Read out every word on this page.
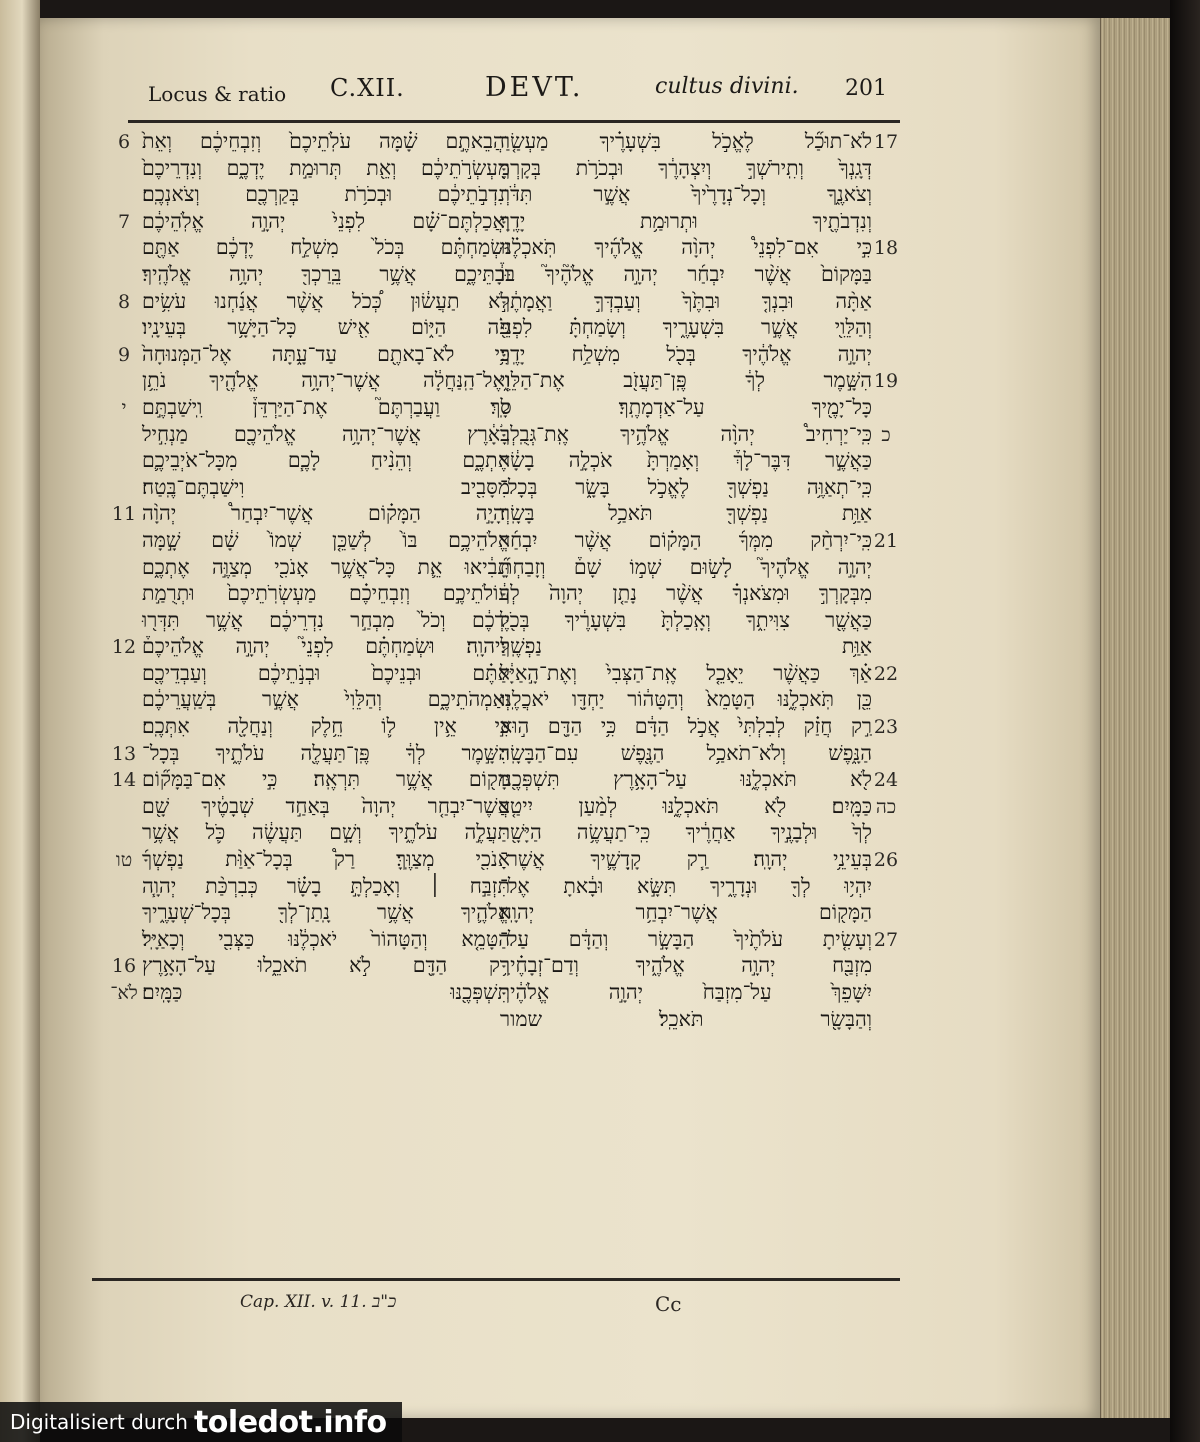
Locus & ratio C.XII.	DEVT.	cultus divini. 201
6 וַהֲבֵאתֶ֣ם שָׁ֗מָּה עֹלֹֽתֵיכֶם֙ וְזִבְחֵיכֶ֔ם וְאֵת֙
מַעְשְׂרֹ֣תֵיכֶ֔ם וְאֵ֖ת תְּרוּמַ֣ת יֶדְכֶ֑ם וְנִדְרֵיכֶם֙
וְנִדְבֹ֣תֵיכֶ֔ם וּבְכֹרֹ֥ת בְּקַרְכֶ֖ם וְצֹאנְכֶֽם׃
7 וַאֲכַלְתֶּם־שָׁ֗ם לִפְנֵי֙ יְהוָ֣ה אֱלֹֽהֵיכֶ֔ם
וּשְׂמַחְתֶּ֗ם בְּכֹל֙ מִשְׁלַ֣ח יֶדְכֶ֔ם אַתֶּ֖ם
וּבָתֵּיכֶ֑ם אֲשֶׁ֥ר בֵּֽרַכְךָ֖ יְהוָ֥ה אֱלֹהֶֽיךָ׃
8 לֹ֣א תַעֲשׂ֔וּן כְּ֠כֹל אֲשֶׁ֨ר אֲנַ֜חְנוּ עֹשִׂ֥ים
פֹּ֖ה הַיּ֑וֹם אִ֖ישׁ כָּל־הַיָּשָׁ֥ר בְּעֵינָֽיו׃
9 כִּ֥י לֹא־בָאתֶ֖ם עַד־עָ֑תָּה אֶל־הַמְּנוּחָה֙
וְאֶל־הַֽנַּחֲלָ֔ה אֲשֶׁר־יְהוָ֥ה אֱלֹהֶ֖יךָ נֹתֵ֥ן
י לָֽךְ׃ וַעֲבַרְתֶּם֮ אֶת־הַיַּרְדֵּן֒ וִֽישַׁבְתֶּ֣ם
בָּאָ֔רֶץ אֲשֶׁר־יְהוָ֥ה אֱלֹהֵיכֶ֖ם מַנְחִ֣יל
אֶתְכֶ֑ם וְהֵנִ֨יחַ לָכֶ֧ם מִכָּל־אֹיְבֵיכֶ֛ם
מִסָּבִ֖יב וִישַׁבְתֶּם־בֶּֽטַח׃
11 וְהָיָ֣ה הַמָּק֗וֹם אֲשֶׁר־יִבְחַר֩ יְהוָ֨ה
אֱלֹהֵיכֶ֥ם בּוֹ֙ לְשַׁכֵּ֤ן שְׁמוֹ֙ שָׁ֔ם שָׁ֣מָּה
תָבִ֔יאוּ אֵ֛ת כָּל־אֲשֶׁ֥ר אָנֹכִ֖י מְצַוֶּ֣ה אֶתְכֶ֑ם
עוֹלֹתֵיכֶ֣ם וְזִבְחֵיכֶ֗ם מַעְשְׂרֹֽתֵיכֶם֙ וּתְרֻמַ֣ת
יֶדְכֶ֔ם וְכֹל֙ מִבְחַ֣ר נִדְרֵיכֶ֔ם אֲשֶׁ֥ר תִּדְּר֖וּ
12 לַיהוָֽה׃ וּשְׂמַחְתֶּ֗ם לִפְנֵי֮ יְהוָ֣ה אֱלֹהֵיכֶם֒
אַתֶּ֗ם וּבְנֵיכֶם֙ וּבְנֹ֣תֵיכֶ֔ם וְעַבְדֵיכֶ֖ם
וְאַמְהֹתֵיכֶ֑ם וְהַלֵּוִי֙ אֲשֶׁ֣ר בְּשַֽׁעֲרֵיכֶ֔ם
כִּ֣י אֵ֥ין ל֛וֹ חֵ֥לֶק וְנַחֲלָ֖ה אִתְּכֶֽם׃
13 הִשָּׁ֣מֶר לְךָ֔ פֶּֽן־תַּעֲלֶ֖ה עֹלֹתֶ֑יךָ בְּכָל־
14 מָק֖וֹם אֲשֶׁ֥ר תִּרְאֶֽה׃ כִּ֣י אִם־בַּמָּק֞וֹם
אֲשֶׁר־יִבְחַ֤ר יְהוָה֙ בְּאַחַ֣ד שְׁבָטֶ֔יךָ שָׁ֖ם
תַּעֲלֶ֣ה עֹלֹתֶ֑יךָ וְשָׁ֣ם תַּעֲשֶׂ֔ה כֹּ֛ל אֲשֶׁ֥ר
טו אָנֹכִ֖י מְצַוֶּֽךָּ׃ רַק֩ בְּכָל־אַוַּ֨ת נַפְשְׁךָ֜
תִּזְבַּ֣ח ׀ וְאָכַלְתָּ֣ בָשָׂ֗ר כְּבִרְכַּ֨ת יְהוָ֧ה
אֱלֹהֶ֛יךָ אֲשֶׁ֥ר נָֽתַן־לְךָ֖ בְּכָל־שְׁעָרֶ֑יךָ
הַטָּמֵ֤א וְהַטָּהוֹר֙ יֹאכְלֶ֔נּוּ כַּצְּבִ֖י וְכָאַיָּֽל׃
16 רַ֥ק הַדָּ֖ם לֹ֣א תֹאכֵ֑לוּ עַל־הָאָ֥רֶץ
לֹא־ תִּשְׁפְּכֶ֖נּוּ כַּמָּֽיִם׃
17
לֹא־תוּכַ֞ל לֶאֱכֹ֣ל בִּשְׁעָרֶ֗יךָ מַעְשַׂ֤ר
דְּגָֽנְךָ֙ וְתִֽירֹשְׁךָ֣ וְיִצְהָרֶ֔ךָ וּבְכֹרֹ֥ת בְּקָרְךָ֖
וְצֹאנֶ֑ךָ וְכָל־נְדָרֶ֙יךָ֙ אֲשֶׁ֣ר תִּדֹּ֔ר
וְנִדְבֹתֶ֖יךָ וּתְרוּמַ֥ת יָדֶֽךָ׃
18
כִּ֣י אִם־לִפְנֵי֩ יְהוָ֨ה אֱלֹהֶ֜יךָ תֹּֽאכְלֶ֗נּוּ
בַּמָּקוֹם֙ אֲשֶׁ֨ר יִבְחַ֜ר יְהוָ֣ה אֱלֹהֶ֘יךָ֮ בּוֹ֒
אַתָּ֨ה וּבִנְךָ֤ וּבִתֶּ֙ךָ֙ וְעַבְדְּךָ֣ וַאֲמָתֶ֔ךָ
וְהַלֵּוִ֖י אֲשֶׁ֣ר בִּשְׁעָרֶ֑יךָ וְשָׂמַחְתָּ֗ לִפְנֵי֙
יְהוָ֣ה אֱלֹהֶ֔יךָ בְּכֹ֖ל מִשְׁלַ֥ח יָדֶֽךָ׃
19
הִשָּׁ֣מֶר לְךָ֔ פֶּֽן־תַּעֲזֹ֖ב אֶת־הַלֵּוִ֑י
כָּל־יָמֶ֖יךָ עַל־אַדְמָתֶֽךָ׃ ס
כ
כִּֽי־יַרְחִיב֩ יְהוָ֨ה אֱלֹהֶ֥יךָ אֶֽת־גְּבֻֽלְךָ֮
כַּאֲשֶׁ֣ר דִּבֶּר־לָךְ֒ וְאָמַרְתָּ֙ אֹכְלָ֣ה בָשָׂ֔ר
כִּֽי־תְאַוֶּ֥ה נַפְשְׁךָ֖ לֶאֱכֹ֣ל בָּשָׂ֑ר בְּכָל־
אַוַּ֥ת נַפְשְׁךָ֖ תֹּאכַ֥ל בָּשָֽׂר׃
21
כִּֽי־יִרְחַ֨ק מִמְּךָ֜ הַמָּק֗וֹם אֲשֶׁ֨ר יִבְחַ֜ר
יְהוָ֣ה אֱלֹהֶיךָ֮ לָשׂ֣וּם שְׁמ֣וֹ שָׁם֒ וְזָבַחְתָּ֞
מִבְּקָרְךָ֣ וּמִצֹּאנְךָ֗ אֲשֶׁ֨ר נָתַ֤ן יְהוָה֙ לְךָ֔
כַּאֲשֶׁ֖ר צִוִּיתִ֑ךָ וְאָֽכַלְתָּ֙ בִּשְׁעָרֶ֔יךָ בְּכֹ֖ל
אַוַּ֥ת נַפְשֶֽׁךָ׃
22
אַ֗ךְ כַּאֲשֶׁ֨ר יֵאָכֵ֤ל אֶֽת־הַצְּבִי֙ וְאֶת־הָ֣אַיָּ֔ל
כֵּ֖ן תֹּֽאכְלֶ֑נּוּ הַטָּמֵא֙ וְהַטָּה֔וֹר יַחְדָּ֖ו יֹאכֲלֶֽנּוּ׃
23
רַ֣ק חֲזַ֗ק לְבִלְתִּי֙ אֲכֹ֣ל הַדָּ֔ם כִּ֥י הַדָּ֖ם ה֣וּא
הַנָּ֑פֶשׁ וְלֹא־תֹאכַ֥ל הַנֶּ֖פֶשׁ עִם־הַבָּשָֽׂר׃
24
לֹ֖א תֹּאכְלֶ֑נּוּ עַל־הָאָ֥רֶץ תִּשְׁפְּכֶ֖נּוּ
כה
כַּמָּֽיִם׃ לֹ֖א תֹּאכְלֶ֑נּוּ לְמַ֨עַן יִיטַ֤ב
לְךָ֙ וּלְבָנֶ֣יךָ אַחֲרֶ֔יךָ כִּֽי־תַעֲשֶׂ֥ה הַיָּשָׁ֖ר
26
בְּעֵינֵ֥י יְהוָֽה׃ רַ֧ק קָֽדָשֶׁ֛יךָ אֲשֶׁר־
יִהְי֥וּ לְךָ֖ וּנְדָרֶ֑יךָ תִּשָּׂ֣א וּבָ֔אתָ אֶל־
הַמָּק֖וֹם אֲשֶׁר־יִבְחַ֥ר יְהוָֽה׃
27
וְעָשִׂ֤יתָ עֹלֹתֶ֙יךָ֙ הַבָּשָׂ֣ר וְהַדָּ֔ם עַל־
מִזְבַּ֖ח יְהוָ֣ה אֱלֹהֶ֑יךָ וְדַם־זְבָחֶ֗יךָ
יִשָּׁפֵךְ֙ עַל־מִזְבַּח֙ יְהוָ֣ה אֱלֹהֶ֔יךָ
וְהַבָּשָׂ֖ר תֹּאכֵֽל׃ שמור
Cap. XII. v. 11. כ"ב	Cc
Digitalisiert durch toledot.info
